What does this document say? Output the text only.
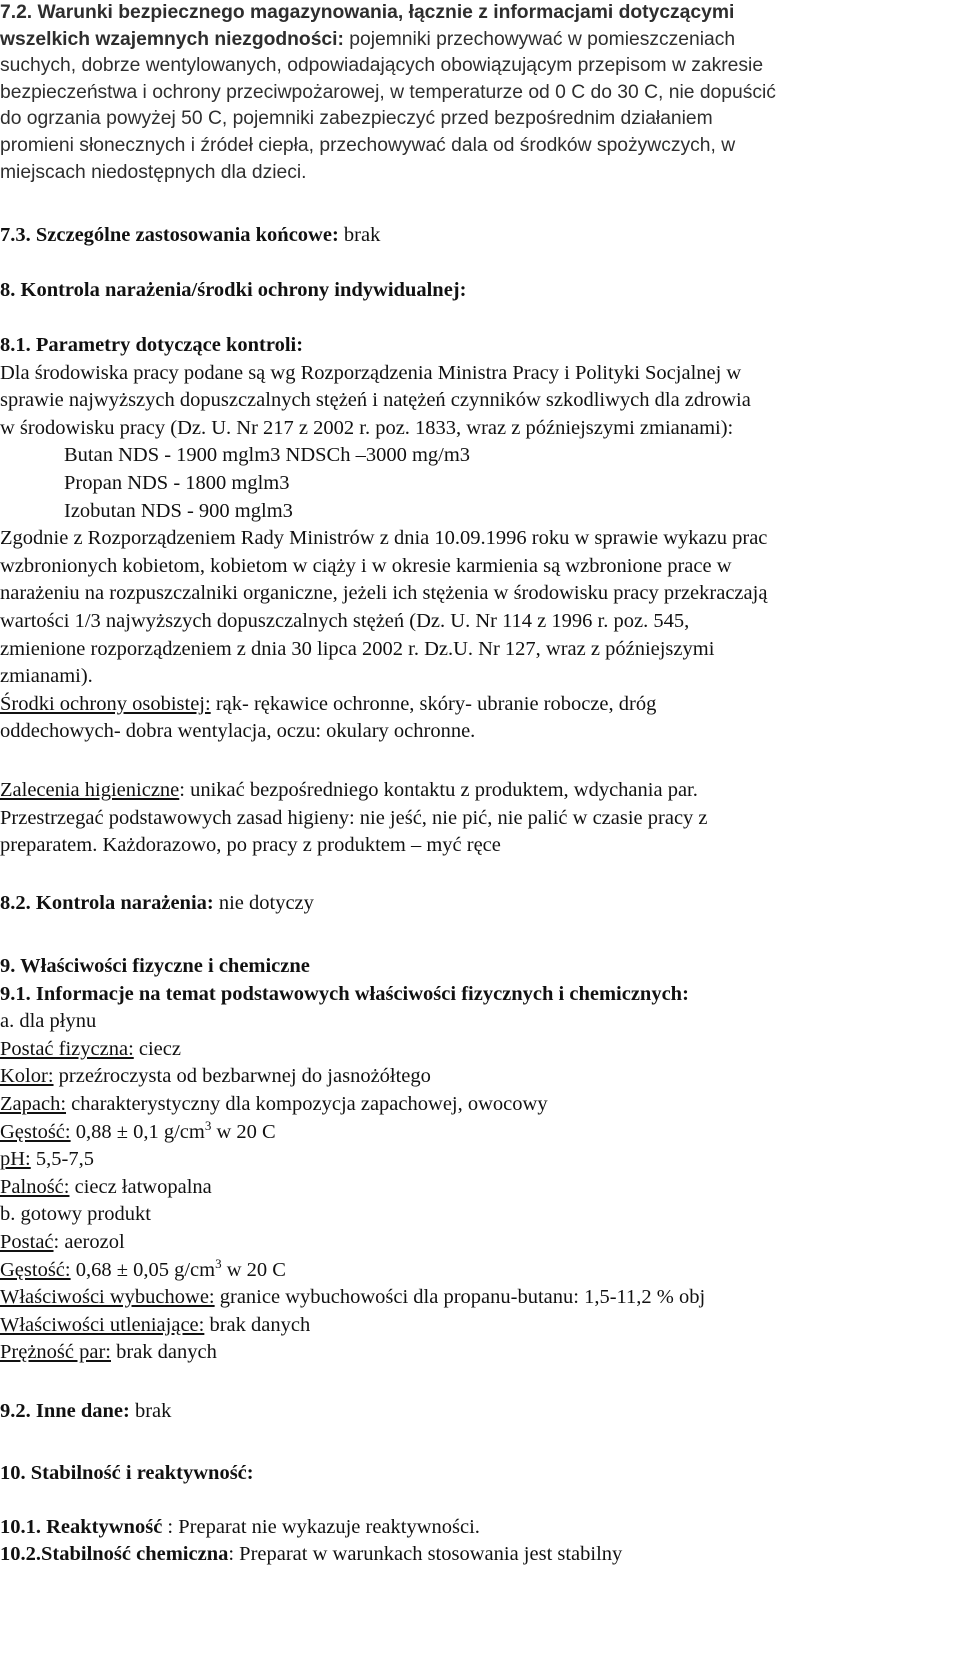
7.2. Warunki bezpiecznego magazynowania, łącznie z informacjami dotyczącymi
wszelkich wzajemnych niezgodności: pojemniki przechowywać w pomieszczeniach
suchych, dobrze wentylowanych, odpowiadających obowiązującym przepisom w zakresie
bezpieczeństwa i ochrony przeciwpożarowej, w temperaturze od 0 C do 30 C, nie dopuścić
do ogrzania powyżej 50 C, pojemniki zabezpieczyć przed bezpośrednim działaniem
promieni słonecznych i źródeł ciepła, przechowywać dala od środków spożywczych, w
miejscach niedostępnych dla dzieci.
7.3. Szczególne zastosowania końcowe: brak
8. Kontrola narażenia/środki ochrony indywidualnej:
8.1. Parametry dotyczące kontroli:
Dla środowiska pracy podane są wg Rozporządzenia Ministra Pracy i Polityki Socjalnej w
sprawie najwyższych dopuszczalnych stężeń i natężeń czynników szkodliwych dla zdrowia
w środowisku pracy (Dz. U. Nr 217 z 2002 r. poz. 1833, wraz z późniejszymi zmianami):
Butan NDS - 1900 mglm3 NDSCh –3000 mg/m3
Propan NDS - 1800 mglm3
Izobutan NDS - 900 mglm3
Zgodnie z Rozporządzeniem Rady Ministrów z dnia 10.09.1996 roku w sprawie wykazu prac
wzbronionych kobietom, kobietom w ciąży i w okresie karmienia są wzbronione prace w
narażeniu na rozpuszczalniki organiczne, jeżeli ich stężenia w środowisku pracy przekraczają
wartości 1/3 najwyższych dopuszczalnych stężeń (Dz. U. Nr 114 z 1996 r. poz. 545,
zmienione rozporządzeniem z dnia 30 lipca 2002 r. Dz.U. Nr 127, wraz z późniejszymi
zmianami).
Środki ochrony osobistej: rąk- rękawice ochronne, skóry- ubranie robocze, dróg
oddechowych- dobra wentylacja, oczu: okulary ochronne.
Zalecenia higieniczne: unikać bezpośredniego kontaktu z produktem, wdychania par.
Przestrzegać podstawowych zasad higieny: nie jeść, nie pić, nie palić w czasie pracy z
preparatem. Każdorazowo, po pracy z produktem – myć ręce
8.2. Kontrola narażenia: nie dotyczy
9. Właściwości fizyczne i chemiczne
9.1. Informacje na temat podstawowych właściwości fizycznych i chemicznych:
a. dla płynu
Postać fizyczna: ciecz
Kolor: przeźroczysta od bezbarwnej do jasnożółtego
Zapach: charakterystyczny dla kompozycja zapachowej, owocowy
Gęstość: 0,88 ± 0,1 $g/cm^3$ w 20 C
pH: 5,5-7,5
Palność: ciecz łatwopalna
b. gotowy produkt
Postać: aerozol
Gęstość: 0,68 ± 0,05 $g/cm^3$ w 20 C
Właściwości wybuchowe: granice wybuchowości dla propanu-butanu: 1,5-11,2 % obj
Właściwości utleniające: brak danych
Prężność par: brak danych
9.2. Inne dane: brak
10. Stabilność i reaktywność:
10.1. Reaktywność : Preparat nie wykazuje reaktywności.
10.2.Stabilność chemiczna: Preparat w warunkach stosowania jest stabilny
